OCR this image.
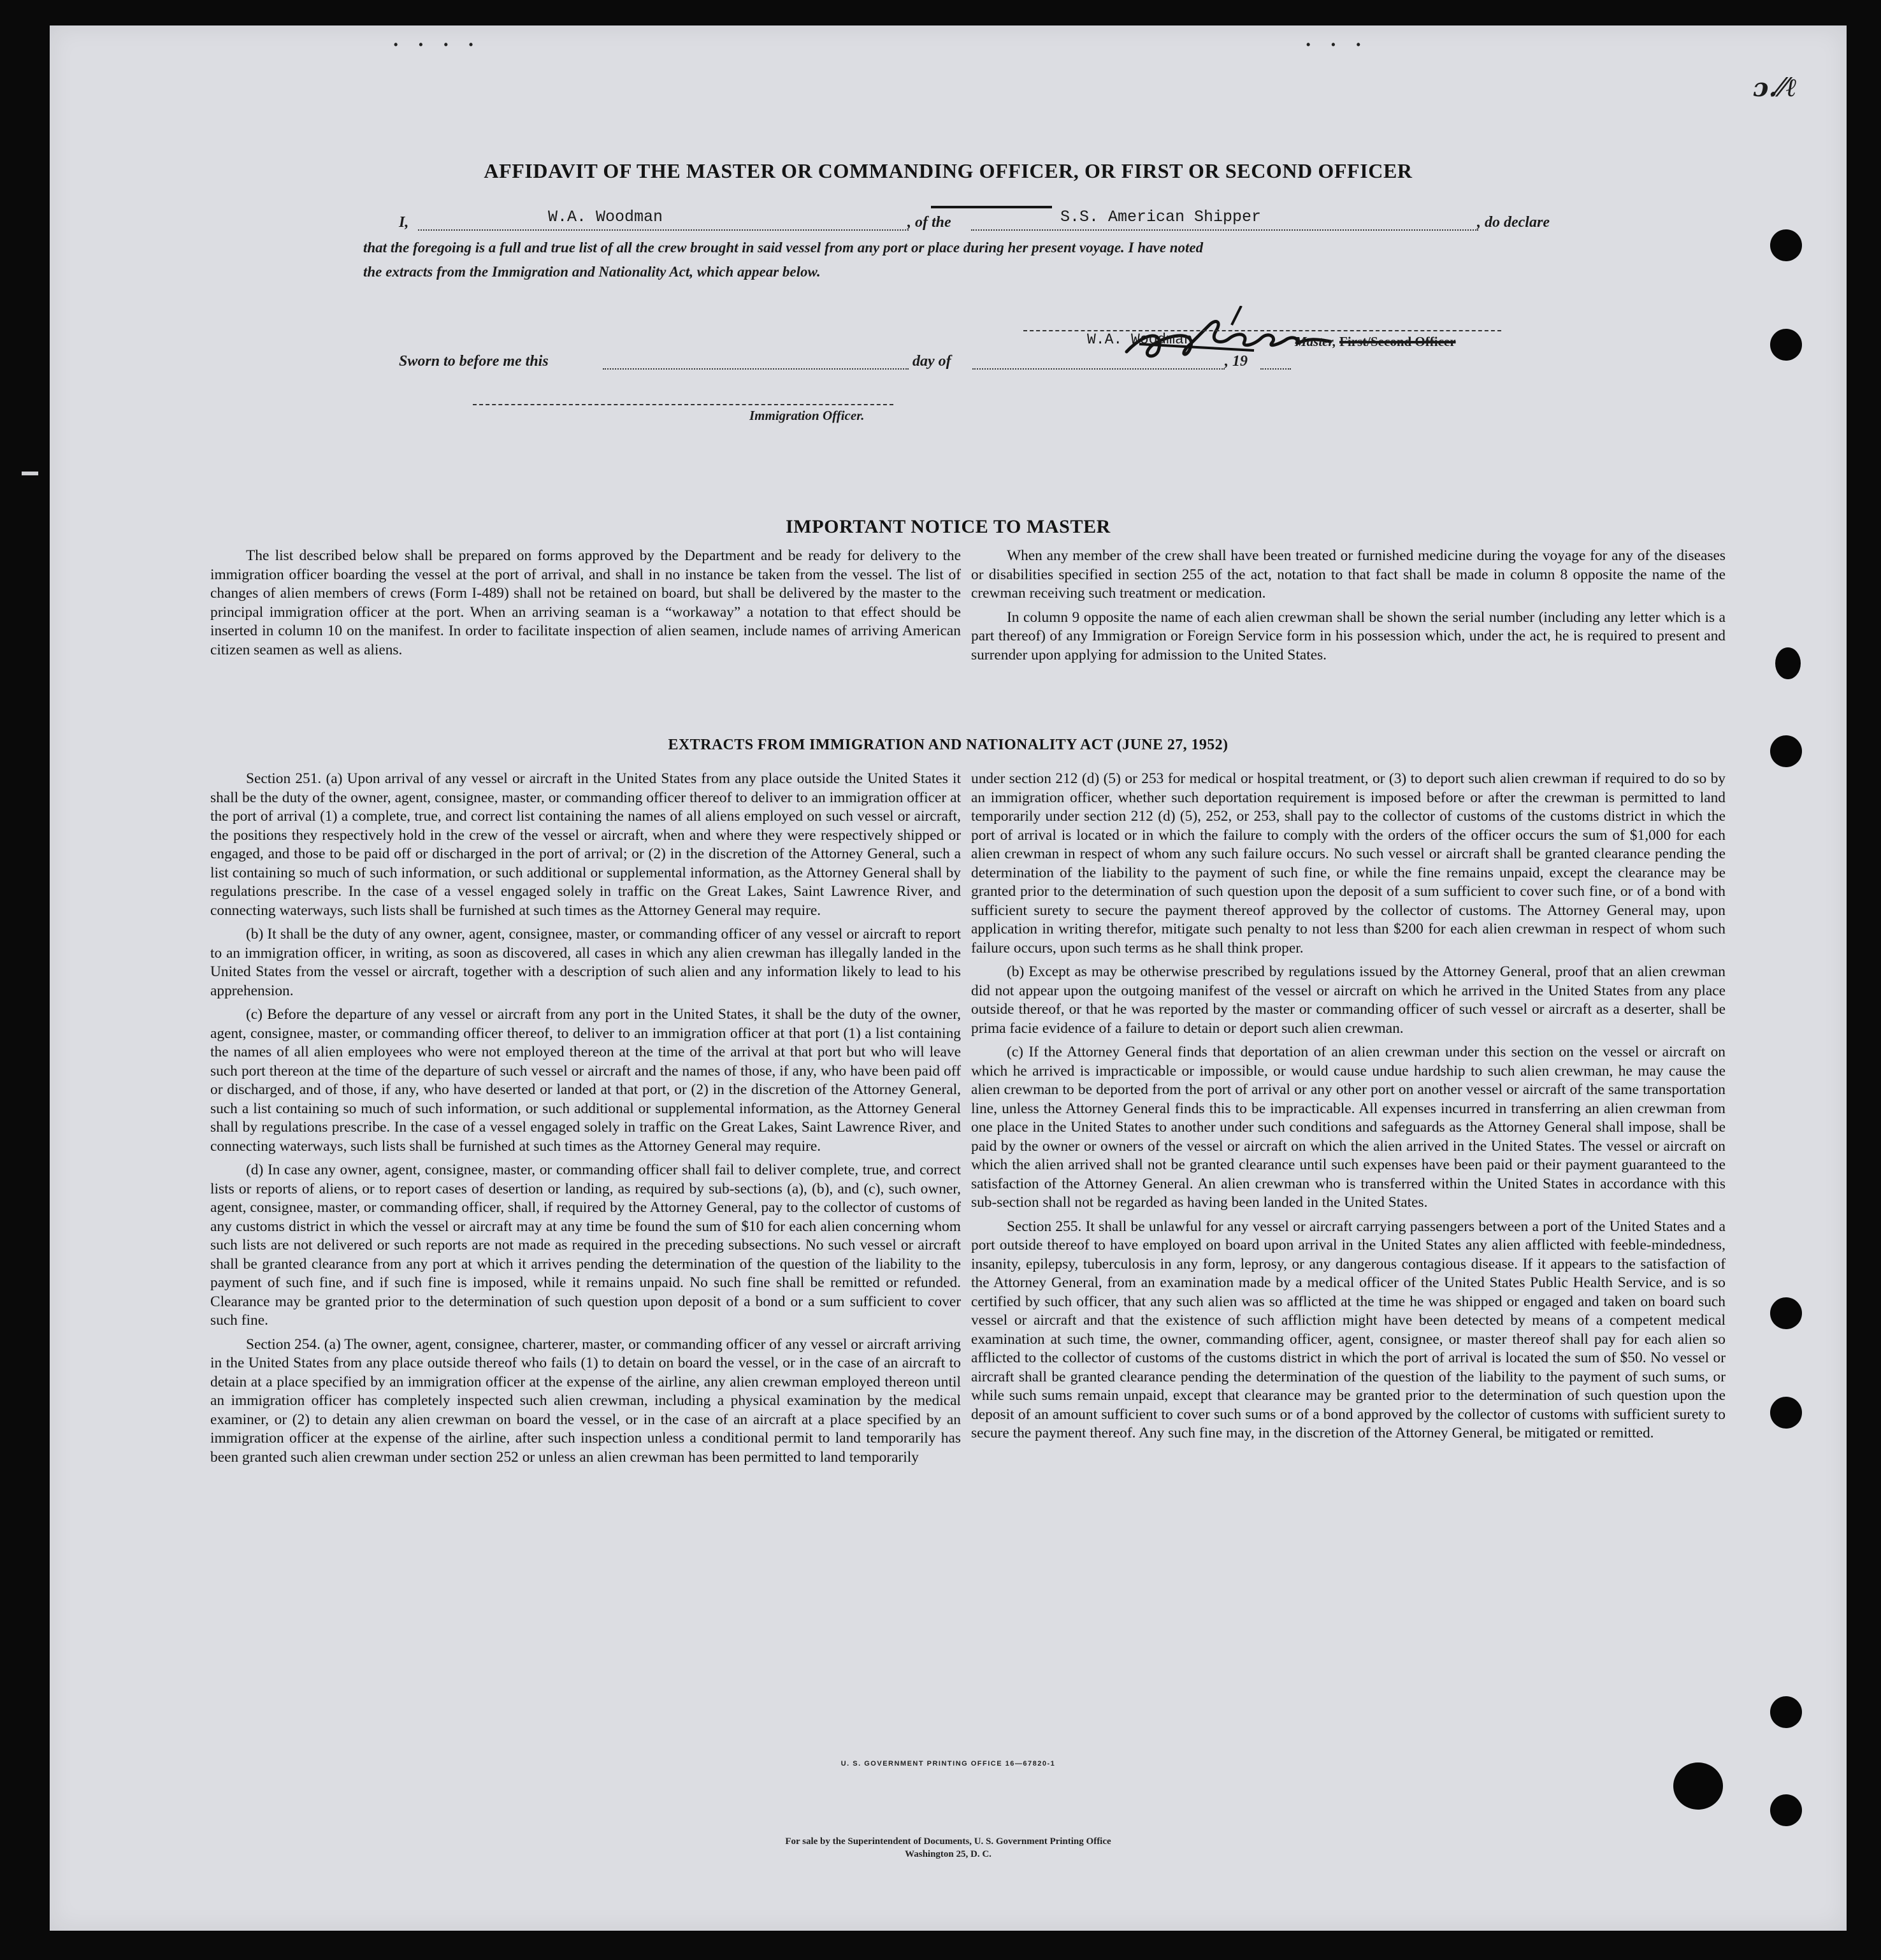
• • • •	• • •
ɔ.⁄⁄ℓ
AFFIDAVIT OF THE MASTER OR COMMANDING OFFICER, OR FIRST OR SECOND OFFICER
I,	W.A. Woodman	, of the	S.S. American Shipper	, do declare
that the foregoing is a full and true list of all the crew brought in said vessel from any port or place during her present voyage. I have noted
the extracts from the Immigration and Nationality Act, which appear below.
W.A. Woodman	Master, First/Second Officer
Sworn to before me this	day of	, 19
Immigration Officer.
IMPORTANT NOTICE TO MASTER

The list described below shall be prepared on forms approved by the Department and be ready for delivery to the immigration officer boarding the vessel at the port of arrival, and shall in no instance be taken from the vessel. The list of changes of alien members of crews (Form I-489) shall not be retained on board, but shall be delivered by the master to the principal immigration officer at the port. When an arriving seaman is a “workaway” a notation to that effect should be inserted in column 10 on the manifest. In order to facilitate inspection of alien seamen, include names of arriving American citizen seamen as well as aliens.

When any member of the crew shall have been treated or furnished medicine during the voyage for any of the diseases or disabilities specified in section 255 of the act, notation to that fact shall be made in column 8 opposite the name of the crewman receiving such treatment or medication.

In column 9 opposite the name of each alien crewman shall be shown the serial number (including any letter which is a part thereof) of any Immigration or Foreign Service form in his possession which, under the act, he is required to present and surrender upon applying for admission to the United States.

EXTRACTS FROM IMMIGRATION AND NATIONALITY ACT (JUNE 27, 1952)

Section 251. (a) Upon arrival of any vessel or aircraft in the United States from any place outside the United States it shall be the duty of the owner, agent, consignee, master, or commanding officer thereof to deliver to an immigration officer at the port of arrival (1) a complete, true, and correct list containing the names of all aliens employed on such vessel or aircraft, the positions they respectively hold in the crew of the vessel or aircraft, when and where they were respectively shipped or engaged, and those to be paid off or discharged in the port of arrival; or (2) in the discretion of the Attorney General, such a list containing so much of such information, or such additional or supplemental information, as the Attorney General shall by regulations prescribe. In the case of a vessel engaged solely in traffic on the Great Lakes, Saint Lawrence River, and connecting waterways, such lists shall be furnished at such times as the Attorney General may require.

(b) It shall be the duty of any owner, agent, consignee, master, or commanding officer of any vessel or aircraft to report to an immigration officer, in writing, as soon as discovered, all cases in which any alien crewman has illegally landed in the United States from the vessel or aircraft, together with a description of such alien and any information likely to lead to his apprehension.

(c) Before the departure of any vessel or aircraft from any port in the United States, it shall be the duty of the owner, agent, consignee, master, or commanding officer thereof, to deliver to an immigration officer at that port (1) a list containing the names of all alien employees who were not employed thereon at the time of the arrival at that port but who will leave such port thereon at the time of the departure of such vessel or aircraft and the names of those, if any, who have been paid off or discharged, and of those, if any, who have deserted or landed at that port, or (2) in the discretion of the Attorney General, such a list containing so much of such information, or such additional or supplemental information, as the Attorney General shall by regulations prescribe. In the case of a vessel engaged solely in traffic on the Great Lakes, Saint Lawrence River, and connecting waterways, such lists shall be furnished at such times as the Attorney General may require.

(d) In case any owner, agent, consignee, master, or commanding officer shall fail to deliver complete, true, and correct lists or reports of aliens, or to report cases of desertion or landing, as required by sub-sections (a), (b), and (c), such owner, agent, consignee, master, or commanding officer, shall, if required by the Attorney General, pay to the collector of customs of any customs district in which the vessel or aircraft may at any time be found the sum of $10 for each alien concerning whom such lists are not delivered or such reports are not made as required in the preceding subsections. No such vessel or aircraft shall be granted clearance from any port at which it arrives pending the determination of the question of the liability to the payment of such fine, and if such fine is imposed, while it remains unpaid. No such fine shall be remitted or refunded. Clearance may be granted prior to the determination of such question upon deposit of a bond or a sum sufficient to cover such fine.

Section 254. (a) The owner, agent, consignee, charterer, master, or commanding officer of any vessel or aircraft arriving in the United States from any place outside thereof who fails (1) to detain on board the vessel, or in the case of an aircraft to detain at a place specified by an immigration officer at the expense of the airline, any alien crewman employed thereon until an immigration officer has completely inspected such alien crewman, including a physical examination by the medical examiner, or (2) to detain any alien crewman on board the vessel, or in the case of an aircraft at a place specified by an immigration officer at the expense of the airline, after such inspection unless a conditional permit to land temporarily has been granted such alien crewman under section 252 or unless an alien crewman has been permitted to land temporarily

under section 212 (d) (5) or 253 for medical or hospital treatment, or (3) to deport such alien crewman if required to do so by an immigration officer, whether such deportation requirement is imposed before or after the crewman is permitted to land temporarily under section 212 (d) (5), 252, or 253, shall pay to the collector of customs of the customs district in which the port of arrival is located or in which the failure to comply with the orders of the officer occurs the sum of $1,000 for each alien crewman in respect of whom any such failure occurs. No such vessel or aircraft shall be granted clearance pending the determination of the liability to the payment of such fine, or while the fine remains unpaid, except the clearance may be granted prior to the determination of such question upon the deposit of a sum sufficient to cover such fine, or of a bond with sufficient surety to secure the payment thereof approved by the collector of customs. The Attorney General may, upon application in writing therefor, mitigate such penalty to not less than $200 for each alien crewman in respect of whom such failure occurs, upon such terms as he shall think proper.

(b) Except as may be otherwise prescribed by regulations issued by the Attorney General, proof that an alien crewman did not appear upon the outgoing manifest of the vessel or aircraft on which he arrived in the United States from any place outside thereof, or that he was reported by the master or commanding officer of such vessel or aircraft as a deserter, shall be prima facie evidence of a failure to detain or deport such alien crewman.

(c) If the Attorney General finds that deportation of an alien crewman under this section on the vessel or aircraft on which he arrived is impracticable or impossible, or would cause undue hardship to such alien crewman, he may cause the alien crewman to be deported from the port of arrival or any other port on another vessel or aircraft of the same transportation line, unless the Attorney General finds this to be impracticable. All expenses incurred in transferring an alien crewman from one place in the United States to another under such conditions and safeguards as the Attorney General shall impose, shall be paid by the owner or owners of the vessel or aircraft on which the alien arrived in the United States. The vessel or aircraft on which the alien arrived shall not be granted clearance until such expenses have been paid or their payment guaranteed to the satisfaction of the Attorney General. An alien crewman who is transferred within the United States in accordance with this sub-section shall not be regarded as having been landed in the United States.

Section 255. It shall be unlawful for any vessel or aircraft carrying passengers between a port of the United States and a port outside thereof to have employed on board upon arrival in the United States any alien afflicted with feeble-mindedness, insanity, epilepsy, tuberculosis in any form, leprosy, or any dangerous contagious disease. If it appears to the satisfaction of the Attorney General, from an examination made by a medical officer of the United States Public Health Service, and is so certified by such officer, that any such alien was so afflicted at the time he was shipped or engaged and taken on board such vessel or aircraft and that the existence of such affliction might have been detected by means of a competent medical examination at such time, the owner, commanding officer, agent, consignee, or master thereof shall pay for each alien so afflicted to the collector of customs of the customs district in which the port of arrival is located the sum of $50. No vessel or aircraft shall be granted clearance pending the determination of the question of the liability to the payment of such sums, or while such sums remain unpaid, except that clearance may be granted prior to the determination of such question upon the deposit of an amount sufficient to cover such sums or of a bond approved by the collector of customs with sufficient surety to secure the payment thereof. Any such fine may, in the discretion of the Attorney General, be mitigated or remitted.

U. S. GOVERNMENT PRINTING OFFICE 16—67820-1
For sale by the Superintendent of Documents, U. S. Government Printing Office
Washington 25, D. C.
